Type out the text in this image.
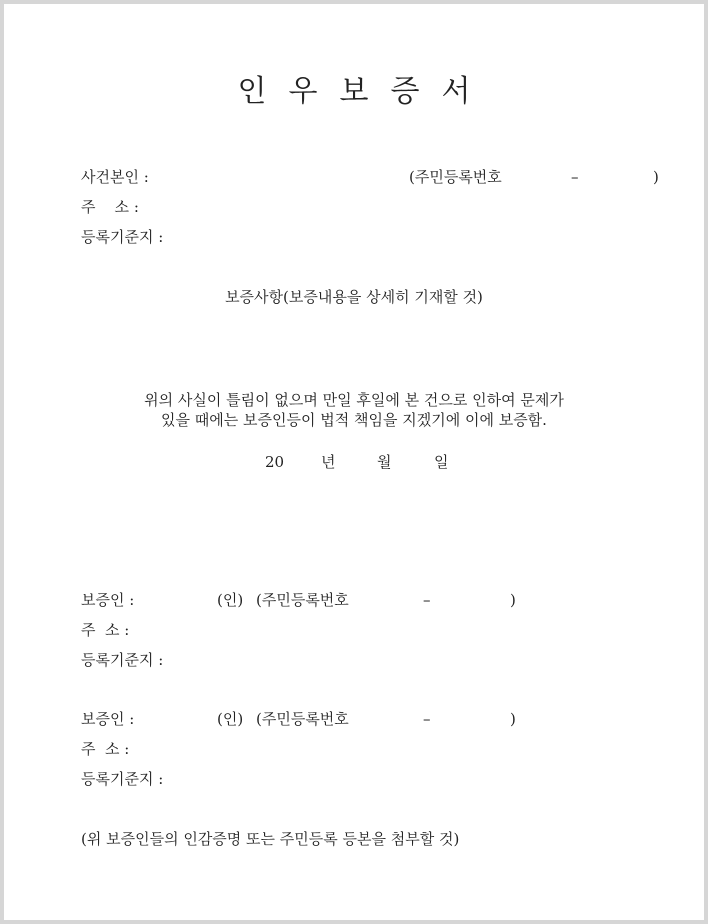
인 우 보 증 서
사건본인 :	(주민등록번호	–	)
주    소 :
등록기준지 :
보증사항(보증내용을 상세히 기재할 것)
위의 사실이 틀림이 없으며 만일 후일에 본 건으로 인하여 문제가
있을 때에는 보증인등이 법적 책임을 지겠기에 이에 보증함.
20 년	월	일
보증인 :	(인) (주민등록번호	–	)
주  소 :
등록기준지 :
보증인 :	(인) (주민등록번호	–	)
주  소 :
등록기준지 :
(위 보증인들의 인감증명 또는 주민등록 등본을 첨부할 것)
